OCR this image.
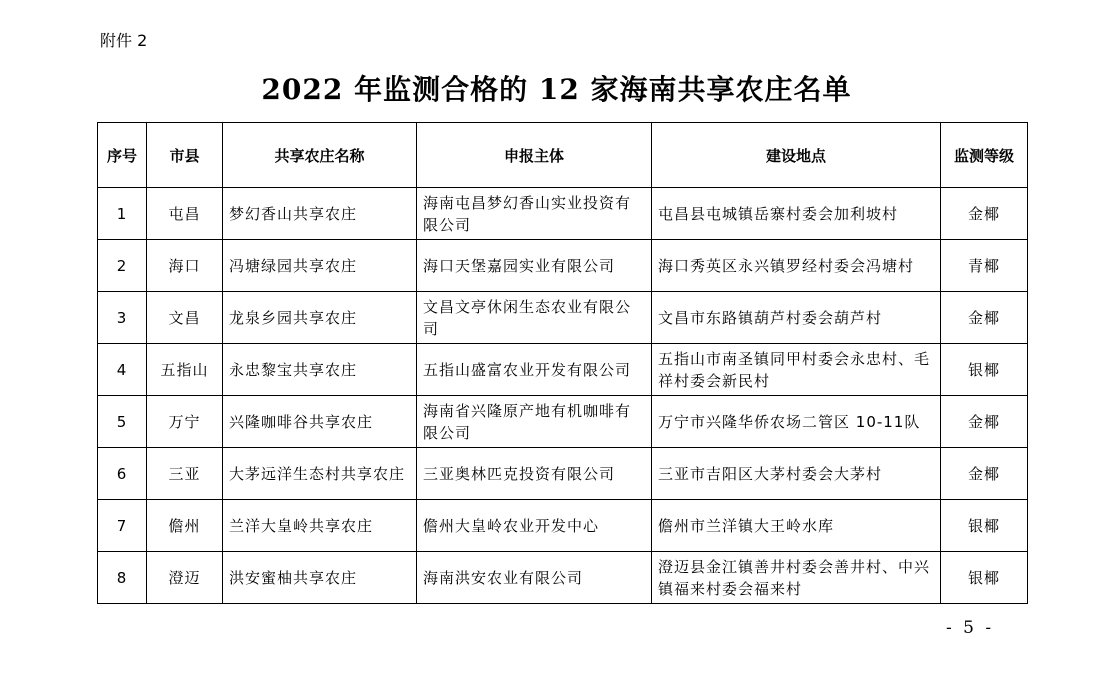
附件 2
2022 年监测合格的 12 家海南共享农庄名单
序号	市县	共享农庄名称	申报主体	建设地点	监测等级
1	屯昌	梦幻香山共享农庄	海南屯昌梦幻香山实业投资有限公司	屯昌县屯城镇岳寨村委会加利坡村	金椰
2	海口	冯塘绿园共享农庄	海口天堡嘉园实业有限公司	海口秀英区永兴镇罗经村委会冯塘村	青椰
3	文昌	龙泉乡园共享农庄	文昌文亭休闲生态农业有限公司	文昌市东路镇葫芦村委会葫芦村	金椰
4	五指山	永忠黎宝共享农庄	五指山盛富农业开发有限公司	五指山市南圣镇同甲村委会永忠村、毛祥村委会新民村	银椰
5	万宁	兴隆咖啡谷共享农庄	海南省兴隆原产地有机咖啡有限公司	万宁市兴隆华侨农场二管区 10-11队	金椰
6	三亚	大茅远洋生态村共享农庄	三亚奥林匹克投资有限公司	三亚市吉阳区大茅村委会大茅村	金椰
7	儋州	兰洋大皇岭共享农庄	儋州大皇岭农业开发中心	儋州市兰洋镇大王岭水库	银椰
8	澄迈	洪安蜜柚共享农庄	海南洪安农业有限公司	澄迈县金江镇善井村委会善井村、中兴镇福来村委会福来村	银椰
- 5 -
